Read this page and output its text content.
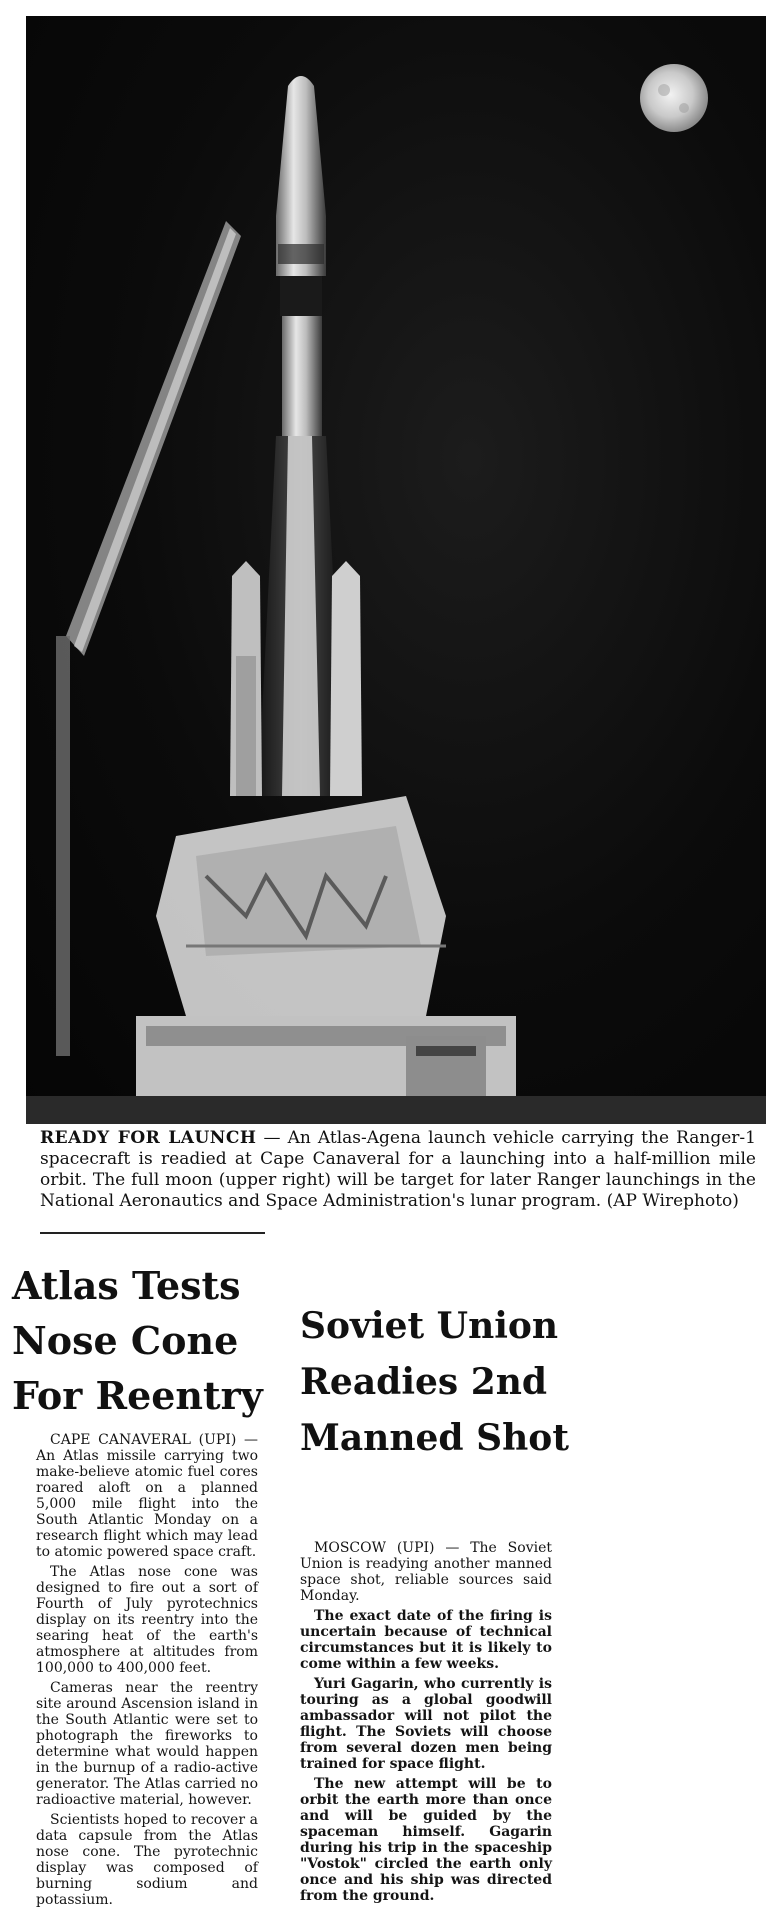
READY FOR LAUNCH — An Atlas-Agena launch vehicle carrying the Ranger-1 spacecraft is readied at Cape Canaveral for a launching into a half-million mile orbit. The full moon (upper right) will be target for later Ranger launchings in the National Aeronautics and Space Administration's lunar program. (AP Wirephoto)
Atlas Tests Nose Cone For Reentry

CAPE CANAVERAL (UPI) — An Atlas missile carrying two make-believe atomic fuel cores roared aloft on a planned 5,000 mile flight into the South Atlantic Monday on a research flight which may lead to atomic powered space craft.

The Atlas nose cone was designed to fire out a sort of Fourth of July pyrotechnics display on its reentry into the searing heat of the earth's atmosphere at altitudes from 100,000 to 400,000 feet.

Cameras near the reentry site around Ascension island in the South Atlantic were set to photograph the fireworks to determine what would happen in the burnup of a radio-active generator. The Atlas carried no radioactive material, however.

Scientists hoped to recover a data capsule from the Atlas nose cone. The pyrotechnic display was composed of burning sodium and potassium.

Soviet Union Readies 2nd Manned Shot

MOSCOW (UPI) — The Soviet Union is readying another manned space shot, reliable sources said Monday.

The exact date of the firing is uncertain because of technical circumstances but it is likely to come within a few weeks.

Yuri Gagarin, who currently is touring as a global goodwill ambassador will not pilot the flight. The Soviets will choose from several dozen men being trained for space flight.

The new attempt will be to orbit the earth more than once and will be guided by the spaceman himself. Gagarin during his trip in the spaceship "Vostok" circled the earth only once and his ship was directed from the ground.
